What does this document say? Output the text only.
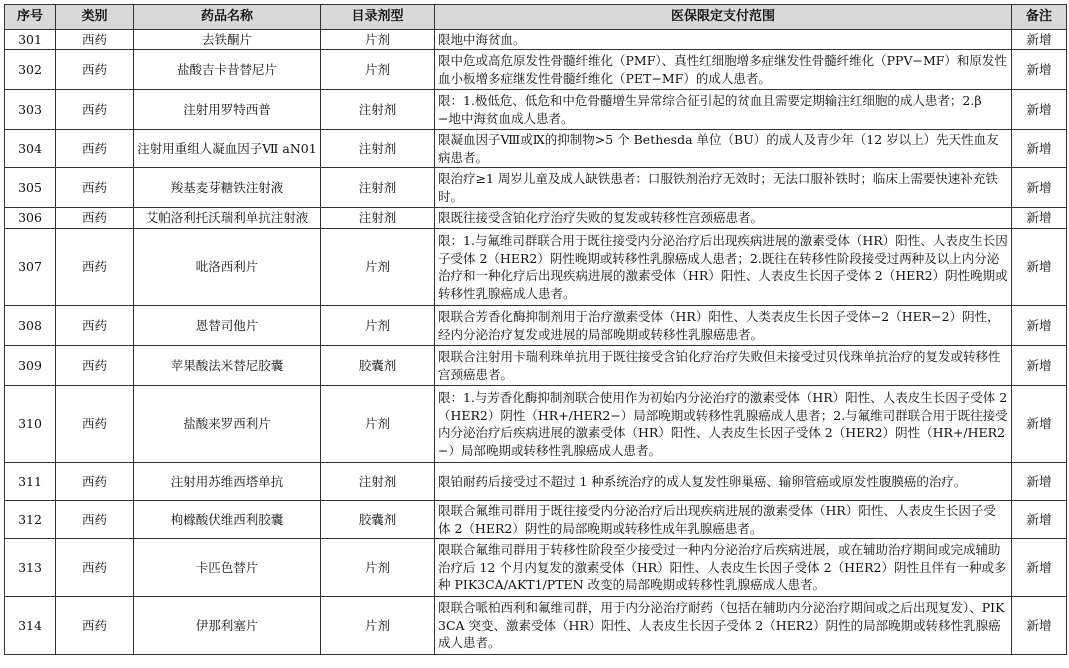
序号	类别	药品名称	目录剂型	医保限定支付范围	备注
301	西药	去铁酮片	片剂	限地中海贫血。	新增
302	西药	盐酸吉卡昔替尼片	片剂	限中危或高危原发性骨髓纤维化（PMF）、真性红细胞增多症继发性骨髓纤维化（PPV−MF）和原发性血小板增多症继发性骨髓纤维化（PET−MF）的成人患者。	新增
303	西药	注射用罗特西普	注射剂	限：1.极低危、低危和中危骨髓增生异常综合征引起的贫血且需要定期输注红细胞的成人患者；2.β −地中海贫血成人患者。	新增
304	西药	注射用重组人凝血因子Ⅶ aN01	注射剂	限凝血因子Ⅷ或Ⅸ的抑制物>5 个 Bethesda 单位（BU）的成人及青少年（12 岁以上）先天性血友病患者。	新增
305	西药	羧基麦芽糖铁注射液	注射剂	限治疗≥1 周岁儿童及成人缺铁患者：口服铁剂治疗无效时；无法口服补铁时；临床上需要快速补充铁时。	新增
306	西药	艾帕洛利托沃瑞利单抗注射液	注射剂	限既往接受含铂化疗治疗失败的复发或转移性宫颈癌患者。	新增
307	西药	吡洛西利片	片剂	限：1.与氟维司群联合用于既往接受内分泌治疗后出现疾病进展的激素受体（HR）阳性、人表皮生长因子受体 2（HER2）阴性晚期或转移性乳腺癌成人患者；2.既往在转移性阶段接受过两种及以上内分泌治疗和一种化疗后出现疾病进展的激素受体（HR）阳性、人表皮生长因子受体 2（HER2）阴性晚期或转移性乳腺癌成人患者。	新增
308	西药	恩替司他片	片剂	限联合芳香化酶抑制剂用于治疗激素受体（HR）阳性、人类表皮生长因子受体−2（HER−2）阴性，经内分泌治疗复发或进展的局部晚期或转移性乳腺癌患者。	新增
309	西药	苹果酸法米替尼胶囊	胶囊剂	限联合注射用卡瑞利珠单抗用于既往接受含铂化疗治疗失败但未接受过贝伐珠单抗治疗的复发或转移性宫颈癌患者。	新增
310	西药	盐酸来罗西利片	片剂	限：1.与芳香化酶抑制剂联合使用作为初始内分泌治疗的激素受体（HR）阳性、人表皮生长因子受体 2（HER2）阴性（HR+/HER2−）局部晚期或转移性乳腺癌成人患者；2.与氟维司群联合用于既往接受内分泌治疗后疾病进展的激素受体（HR）阳性、人表皮生长因子受体 2（HER2）阴性（HR+/HER2−）局部晚期或转移性乳腺癌成人患者。	新增
311	西药	注射用苏维西塔单抗	注射剂	限铂耐药后接受过不超过 1 种系统治疗的成人复发性卵巢癌、输卵管癌或原发性腹膜癌的治疗。	新增
312	西药	枸橼酸伏维西利胶囊	胶囊剂	限联合氟维司群用于既往接受内分泌治疗后出现疾病进展的激素受体（HR）阳性、人表皮生长因子受体 2（HER2）阴性的局部晚期或转移性成年乳腺癌患者。	新增
313	西药	卡匹色替片	片剂	限联合氟维司群用于转移性阶段至少接受过一种内分泌治疗后疾病进展，或在辅助治疗期间或完成辅助治疗后 12 个月内复发的激素受体（HR）阳性、人表皮生长因子受体 2（HER2）阴性且伴有一种或多种 PIK3CA/AKT1/PTEN 改变的局部晚期或转移性乳腺癌成人患者。	新增
314	西药	伊那利塞片	片剂	限联合哌柏西利和氟维司群，用于内分泌治疗耐药（包括在辅助内分泌治疗期间或之后出现复发）、PIK3CA 突变、激素受体（HR）阳性、人表皮生长因子受体 2（HER2）阴性的局部晚期或转移性乳腺癌成人患者。	新增
